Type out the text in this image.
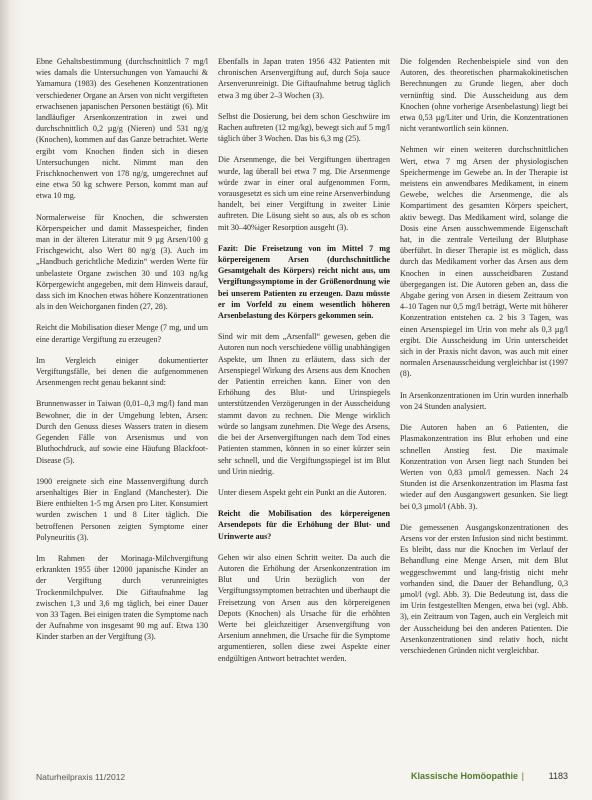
Ebne Gehaltsbestimmung (durchschnittlich 7 mg/l wies damals die Untersuchungen von Yamauchi & Yamamura (1983) des Gesehenen Konzentrationen verschiedener Organe an Arsen von nicht vergifteten erwachsenen japanischen Personen bestätigt (6). Mit landläufiger Arsenkonzentration in zwei und durchschnittlich 0,2 µg/g (Nieren) und 531 ng/g (Knochen), kommen auf das Ganze betrachtet. Werte ergibt vom Knochen finden sich in diesen Untersuchungen nicht. Nimmt man den Frischknochenwert von 178 ng/g, umgerechnet auf eine etwa 50 kg schwere Person, kommt man auf etwa 10 mg.

Normalerweise für Knochen, die schwersten Körperspeicher und damit Massespeicher, finden man in der älteren Literatur mit 9 µg Arsen/100 g Frischgewicht, also Wert 80 ng/g (3). Auch im „Handbuch gerichtliche Medizin“ werden Werte für unbelastete Organe zwischen 30 und 103 ng/kg Körpergewicht angegeben, mit dem Hinweis darauf, dass sich im Knochen etwas höhere Konzentrationen als in den Weichorganen finden (27, 28).

Reicht die Mobilisation dieser Menge (7 mg, und um eine derartige Vergiftung zu erzeugen?

Im Vergleich einiger dokumentierter Vergiftungsfälle, bei denen die aufgenommenen Arsenmengen recht genau bekannt sind:

Brunnenwasser in Taiwan (0,01–0,3 mg/l) fand man Bewohner, die in der Umgebung lebten, Arsen: Durch den Genuss dieses Wassers traten in diesem Gegenden Fälle von Arsenismus und von Bluthochdruck, auf sowie eine Häufung Blackfoot-Disease (5).

1900 ereignete sich eine Massenvergiftung durch arsenhaltiges Bier in England (Manchester). Die Biere enthielten 1-5 mg Arsen pro Liter. Konsumiert wurden zwischen 1 und 8 Liter täglich. Die betroffenen Personen zeigten Symptome einer Polyneuritis (3).

Im Rahmen der Morinaga-Milchvergiftung erkrankten 1955 über 12000 japanische Kinder an der Vergiftung durch verunreinigtes Trockenmilchpulver. Die Giftaufnahme lag zwischen 1,3 und 3,6 mg täglich, bei einer Dauer von 33 Tagen. Bei einigen traten die Symptome nach der Aufnahme von insgesamt 90 mg auf. Etwa 130 Kinder starben an der Vergiftung (3).

Ebenfalls in Japan traten 1956 432 Patienten mit chronischen Arsenvergiftung auf, durch Soja sauce Arsenverunreinigt. Die Giftaufnahme betrug täglich etwa 3 mg über 2–3 Wochen (3).

Selbst die Dosierung, bei dem schon Geschwüre im Rachen auftreten (12 mg/kg), bewegt sich auf 5 mg/l täglich über 3 Wochen. Das bis 6,3 mg (25).

Die Arsenmenge, die bei Vergiftungen übertragen wurde, lag überall bei etwa 7 mg. Die Arsenmenge würde zwar in einer oral aufgenommen Form, vorausgesetzt es sich um eine reine Arsenverbindung handelt, bei einer Vergiftung in zweiter Linie auftreten. Die Lösung sieht so aus, als ob es schon mit 30–40%iger Resorption ausgeht (3).

Fazit: Die Freisetzung von im Mittel 7 mg körpereigenem Arsen (durchschnittliche Gesamtgehalt des Körpers) reicht nicht aus, um Vergiftungssymptome in der Größenordnung wie bei unserem Patienten zu erzeugen. Dazu müsste er im Vorfeld zu einem wesentlich höheren Arsenbelastung des Körpers gekommen sein.

Sind wir mit dem „Arsenfall“ gewesen, geben die Autoren nun noch verschiedene völlig unabhängigen Aspekte, um Ihnen zu erläutern, dass sich der Arsenspiegel Wirkung des Arsens aus dem Knochen der Patientin erreichen kann. Einer von den Erhöhung des Blut- und Urinspiegels unterstützenden Verzögerungen in der Ausscheidung stammt davon zu rechnen. Die Menge wirklich würde so langsam zunehmen. Die Wege des Arsens, die bei der Arsenvergiftungen nach dem Tod eines Patienten stammen, können in so einer kürzer sein sehr schnell, und die Vergiftungsspiegel ist im Blut und Urin niedrig.

Unter diesem Aspekt geht ein Punkt an die Autoren.

Reicht die Mobilisation des körpereigenen Arsendepots für die Erhöhung der Blut- und Urinwerte aus?

Gehen wir also einen Schritt weiter. Da auch die Autoren die Erhöhung der Arsenkonzentration im Blut und Urin bezüglich von der Vergiftungssymptomen betrachten und überhaupt die Freisetzung von Arsen aus den körpereigenen Depots (Knochen) als Ursache für die erhöhten Werte bei gleichzeitiger Arsenvergiftung von Arsenium annehmen, die Ursache für die Symptome argumentieren, sollen diese zwei Aspekte einer endgültigen Antwort betrachtet werden.

Die folgenden Rechenbeispiele sind von den Autoren, des theoretischen pharmakokinetischen Berechnungen zu Grunde liegen, aber doch vernünftig sind. Die Ausscheidung aus dem Knochen (ohne vorherige Arsenbelastung) liegt bei etwa 0,53 µg/Liter und Urin, die Konzentrationen nicht verantwortlich sein können.

Nehmen wir einen weiteren durchschnittlichen Wert, etwa 7 mg Arsen der physiologischen Speichermenge im Gewebe an. In der Therapie ist meistens ein anwendbares Medikament, in einem Gewebe, welches die Arsenmenge, die als Kompartiment des gesamten Körpers speichert, aktiv bewegt. Das Medikament wird, solange die Dosis eine Arsen ausschwemmende Eigenschaft hat, in die zentrale Verteilung der Blutphase überführt. In dieser Therapie ist es möglich, dass durch das Medikament vorher das Arsen aus dem Knochen in einen ausscheidbaren Zustand übergegangen ist. Die Autoren geben an, dass die Abgabe gering von Arsen in diesem Zeitraum von 4–10 Tagen nur 0,5 mg/l beträgt, Werte mit höherer Konzentration entstehen ca. 2 bis 3 Tagen, was einen Arsenspiegel im Urin von mehr als 0,3 µg/l ergibt. Die Ausscheidung im Urin unterscheidet sich in der Praxis nicht davon, was auch mit einer normalen Arsenausscheidung vergleichbar ist (1997 (8).

In Arsenkonzentrationen im Urin wurden innerhalb von 24 Stunden analysiert.

Die Autoren haben an 6 Patienten, die Plasmakonzentration ins Blut erhoben und eine schnellen Anstieg fest. Die maximale Konzentration von Arsen liegt nach Stunden bei Werten von 0,83 µmol/l gemessen. Nach 24 Stunden ist die Arsenkonzentration im Plasma fast wieder auf den Ausgangswert gesunken. Sie liegt bei 0,3 µmol/l (Abb. 3).

Die gemessenen Ausgangskonzentrationen des Arsens vor der ersten Infusion sind nicht bestimmt. Es bleibt, dass nur die Knochen im Verlauf der Behandlung eine Menge Arsen, mit dem Blut weggeschwemmt und lang-fristig nicht mehr vorhanden sind, die Dauer der Behandlung, 0,3 µmol/l (vgl. Abb. 3). Die Bedeutung ist, dass die im Urin festgestellten Mengen, etwa bei (vgl. Abb. 3), ein Zeitraum von Tagen, auch ein Vergleich mit der Ausscheidung bei den anderen Patienten. Die Arsenkonzentrationen sind relativ hoch, nicht verschiedenen Gründen nicht vergleichbar.

Naturheilpraxis 11/2012	Klassische Homöopathie |	1183
